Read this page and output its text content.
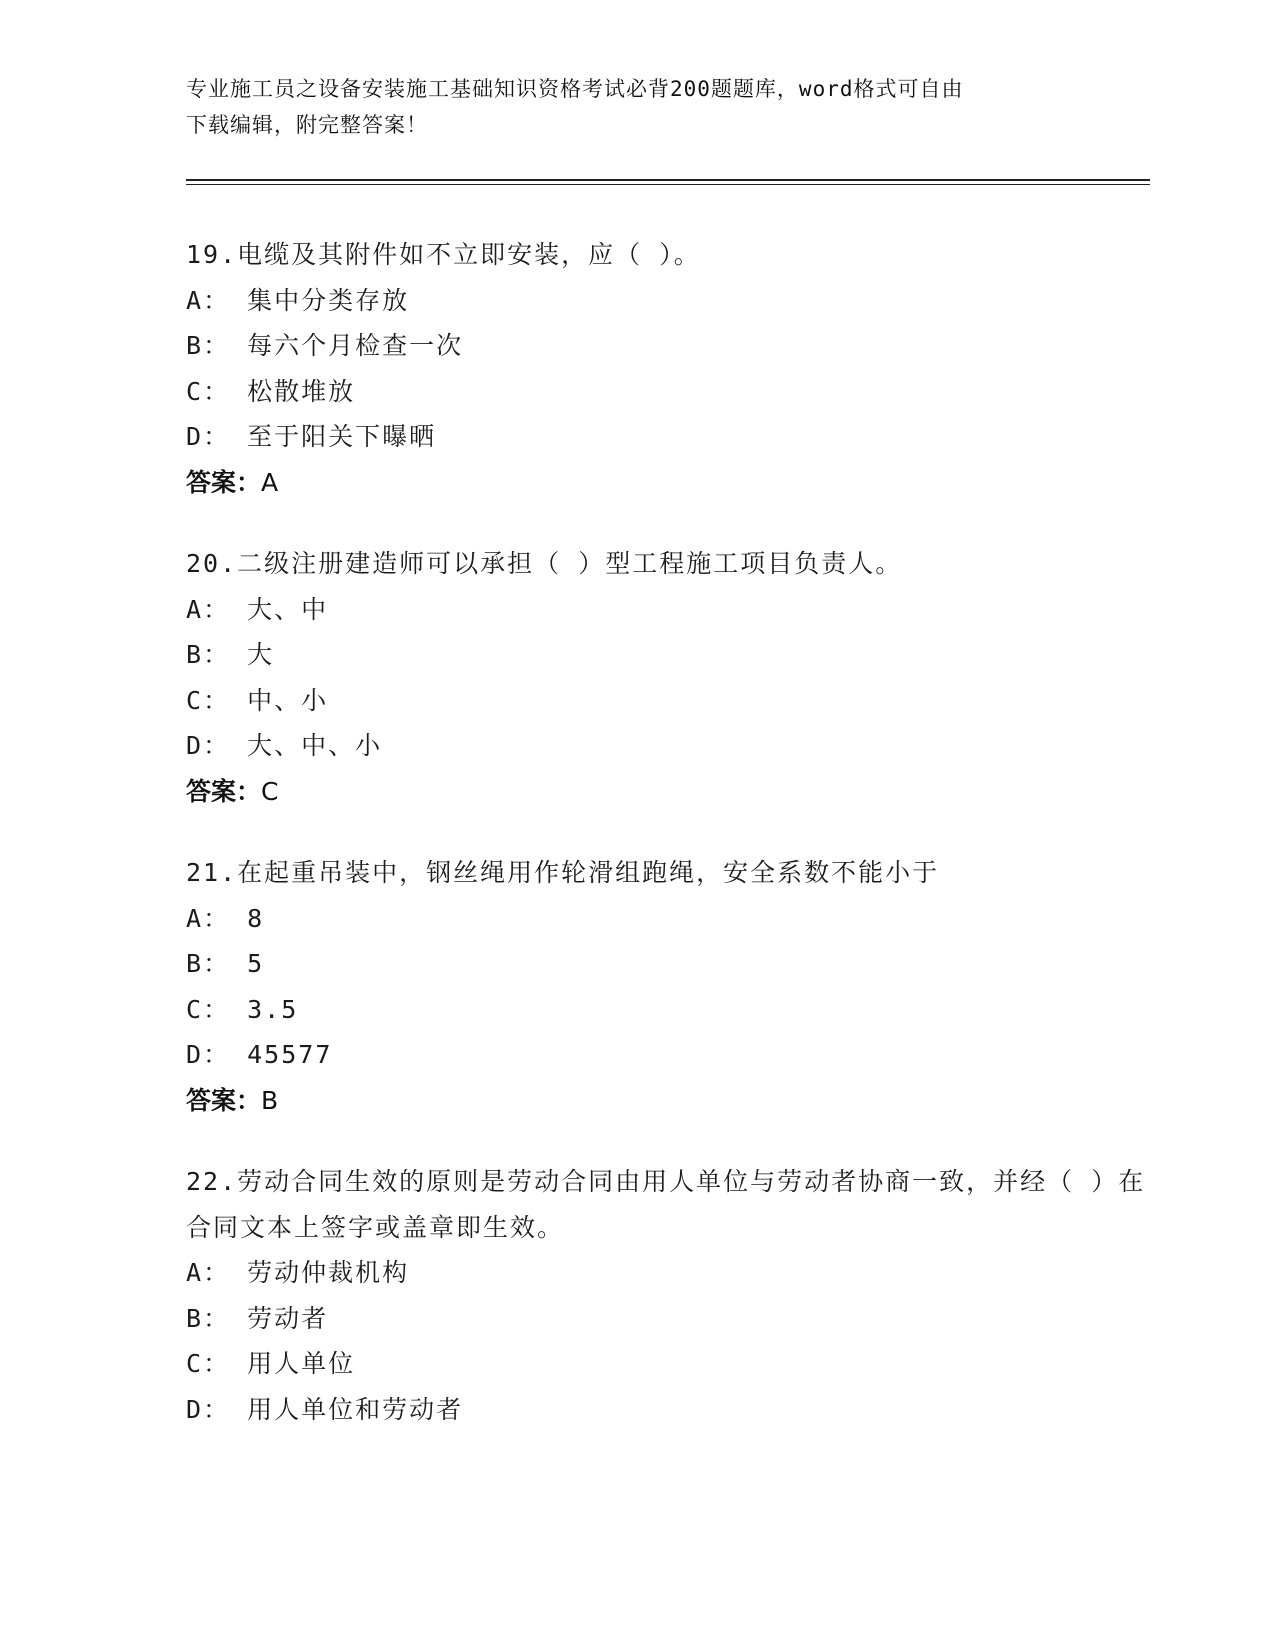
专业施工员之设备安装施工基础知识资格考试必背200题题库，word格式可自由
下载编辑，附完整答案！
19.电缆及其附件如不立即安装，应（ ）。
A： 集中分类存放
B： 每六个月检查一次
C： 松散堆放
D： 至于阳关下曝晒
答案：A
20.二级注册建造师可以承担（ ）型工程施工项目负责人。
A： 大、中
B： 大
C： 中、小
D： 大、中、小
答案：C
21.在起重吊装中，钢丝绳用作轮滑组跑绳，安全系数不能小于
A： 8
B： 5
C： 3.5
D： 45577
答案：B
22.劳动合同生效的原则是劳动合同由用人单位与劳动者协商一致，并经（ ）在合同文本上签字或盖章即生效。
A： 劳动仲裁机构
B： 劳动者
C： 用人单位
D： 用人单位和劳动者
